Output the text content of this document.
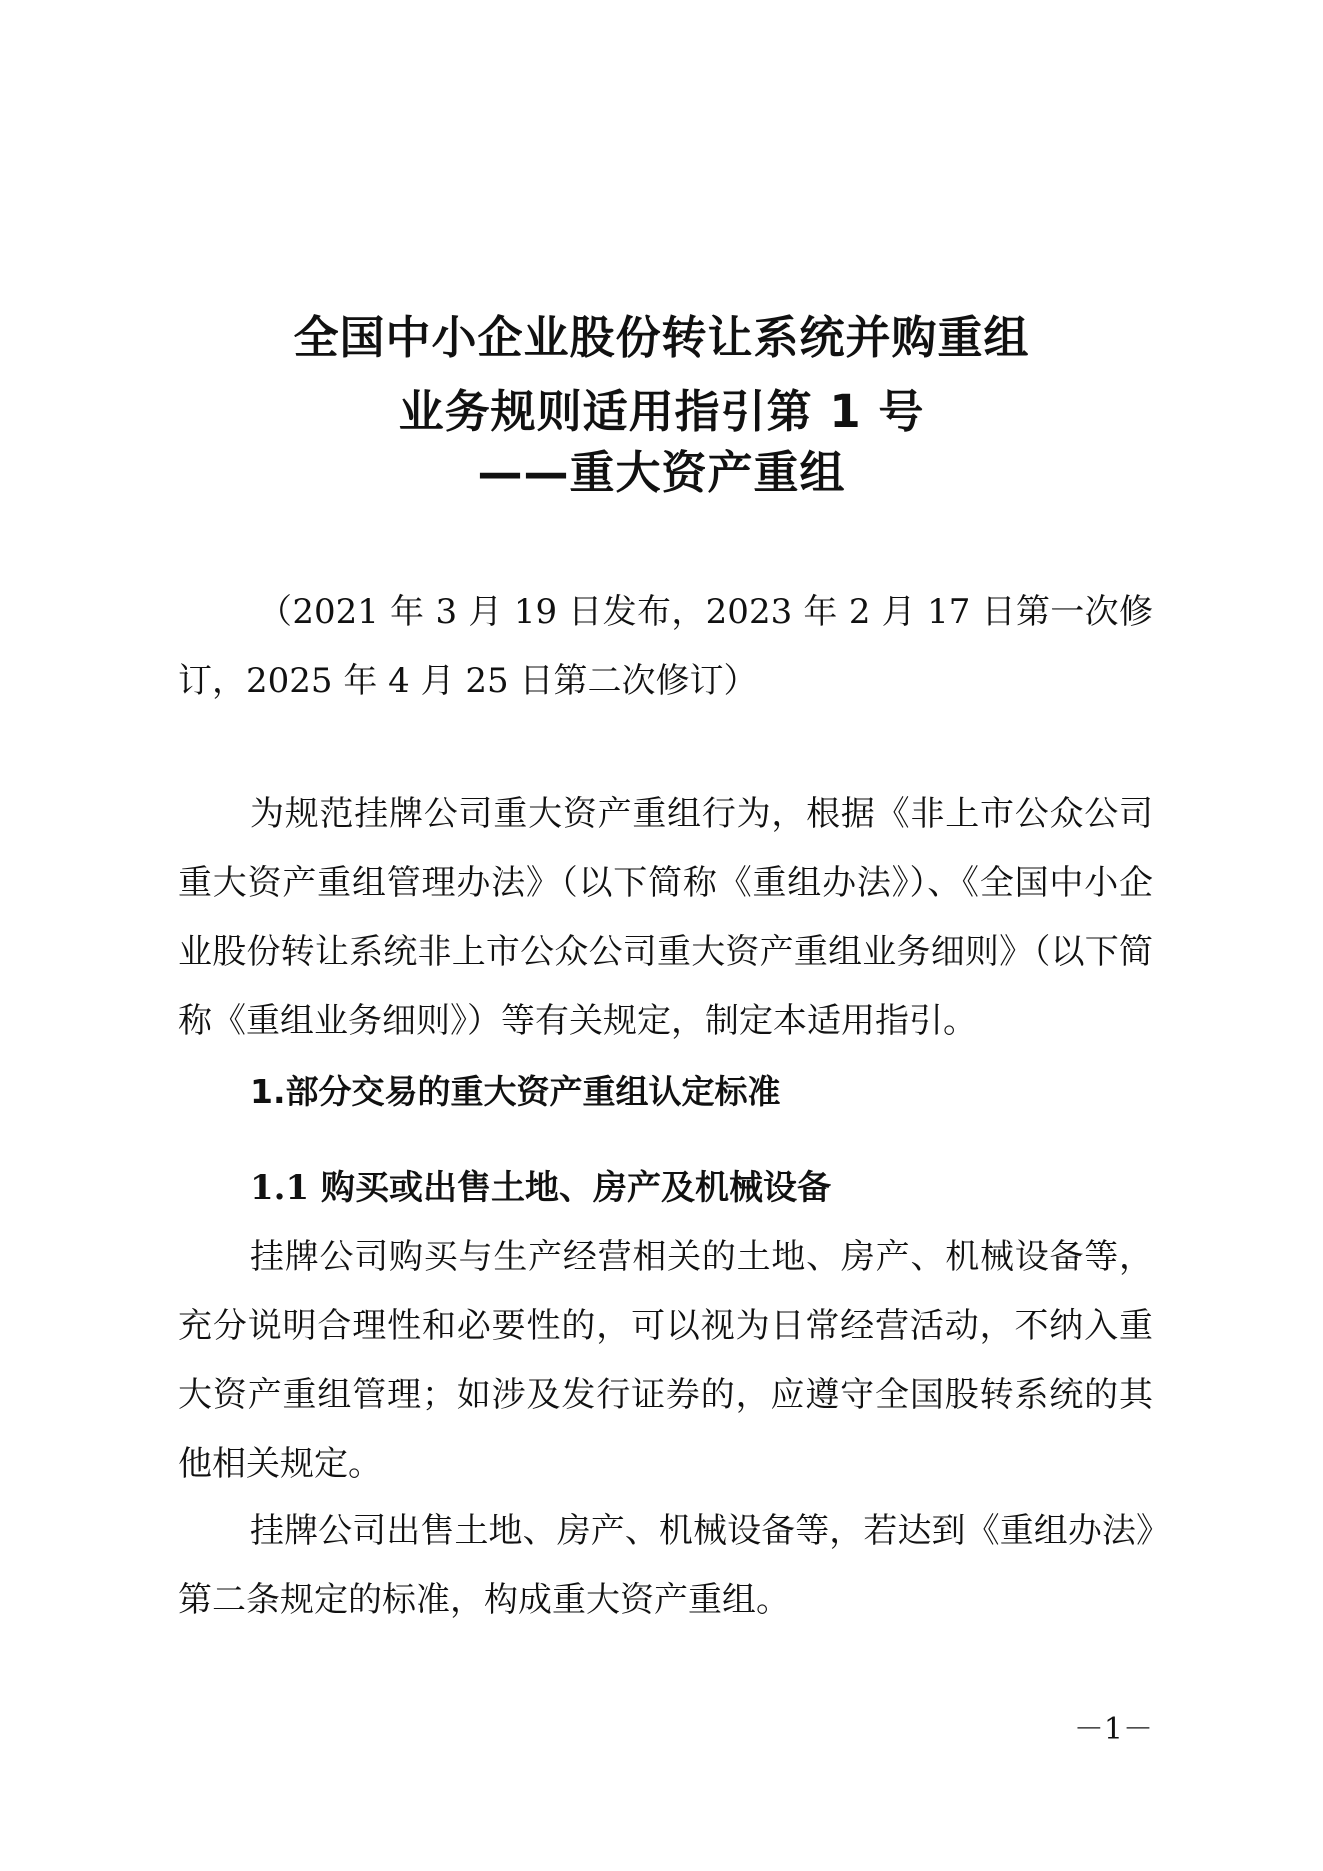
全国中小企业股份转让系统并购重组
业务规则适用指引第 1 号
——重大资产重组

（2021 年 3 月 19 日发布，2023 年 2 月 17 日第一次修订，2025 年 4 月 25 日第二次修订）

为规范挂牌公司重大资产重组行为，根据《非上市公众公司重大资产重组管理办法》（以下简称《重组办法》）、《全国中小企业股份转让系统非上市公众公司重大资产重组业务细则》（以下简称《重组业务细则》）等有关规定，制定本适用指引。

1.部分交易的重大资产重组认定标准
1.1 购买或出售土地、房产及机械设备

挂牌公司购买与生产经营相关的土地、房产、机械设备等，充分说明合理性和必要性的，可以视为日常经营活动，不纳入重大资产重组管理；如涉及发行证券的，应遵守全国股转系统的其他相关规定。

挂牌公司出售土地、房产、机械设备等，若达到《重组办法》第二条规定的标准，构成重大资产重组。

－1－
